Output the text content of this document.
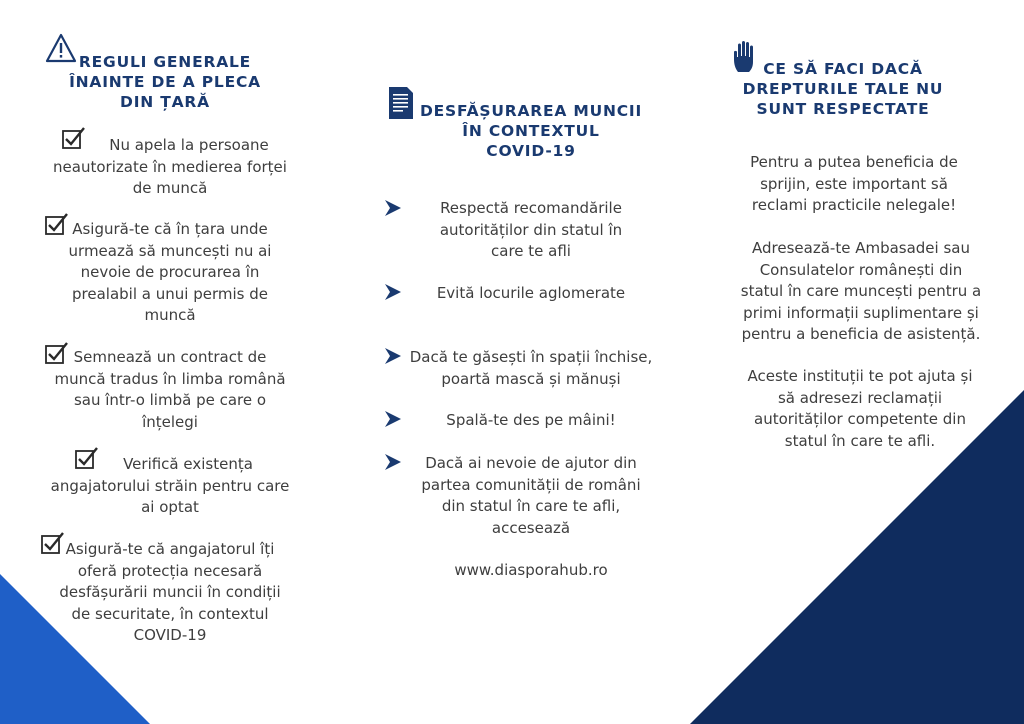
REGULI GENERALE
ÎNAINTE DE A PLECA
DIN ȚARĂ
Nu apela la persoane neautorizate în medierea forței de muncă
Asigură-te că în țara unde urmează să muncești nu ai nevoie de procurarea în prealabil a unui permis de muncă
Semnează un contract de muncă tradus în limba română sau într-o limbă pe care o înțelegi
Verifică existența angajatorului străin pentru care ai optat
Asigură-te că angajatorul îți oferă protecția necesară desfășurării muncii în condiții de securitate, în contextul COVID-19
DESFĂȘURAREA MUNCII
ÎN CONTEXTUL
COVID-19
Respectă recomandările autorităților din statul în care te afli
Evită locurile aglomerate
Dacă te găsești în spații închise, poartă mască și mănuși
Spală-te des pe mâini!
Dacă ai nevoie de ajutor din partea comunității de români din statul în care te afli, accesează
www.diasporahub.ro
CE SĂ FACI DACĂ
DREPTURILE TALE NU
SUNT RESPECTATE
Pentru a putea beneficia de sprijin, este important să reclami practicile nelegale!
Adresează-te Ambasadei sau Consulatelor românești din statul în care muncești pentru a primi informații suplimentare și pentru a beneficia de asistență.
Aceste instituții te pot ajuta și să adresezi reclamații autorităților competente din statul în care te afli.
